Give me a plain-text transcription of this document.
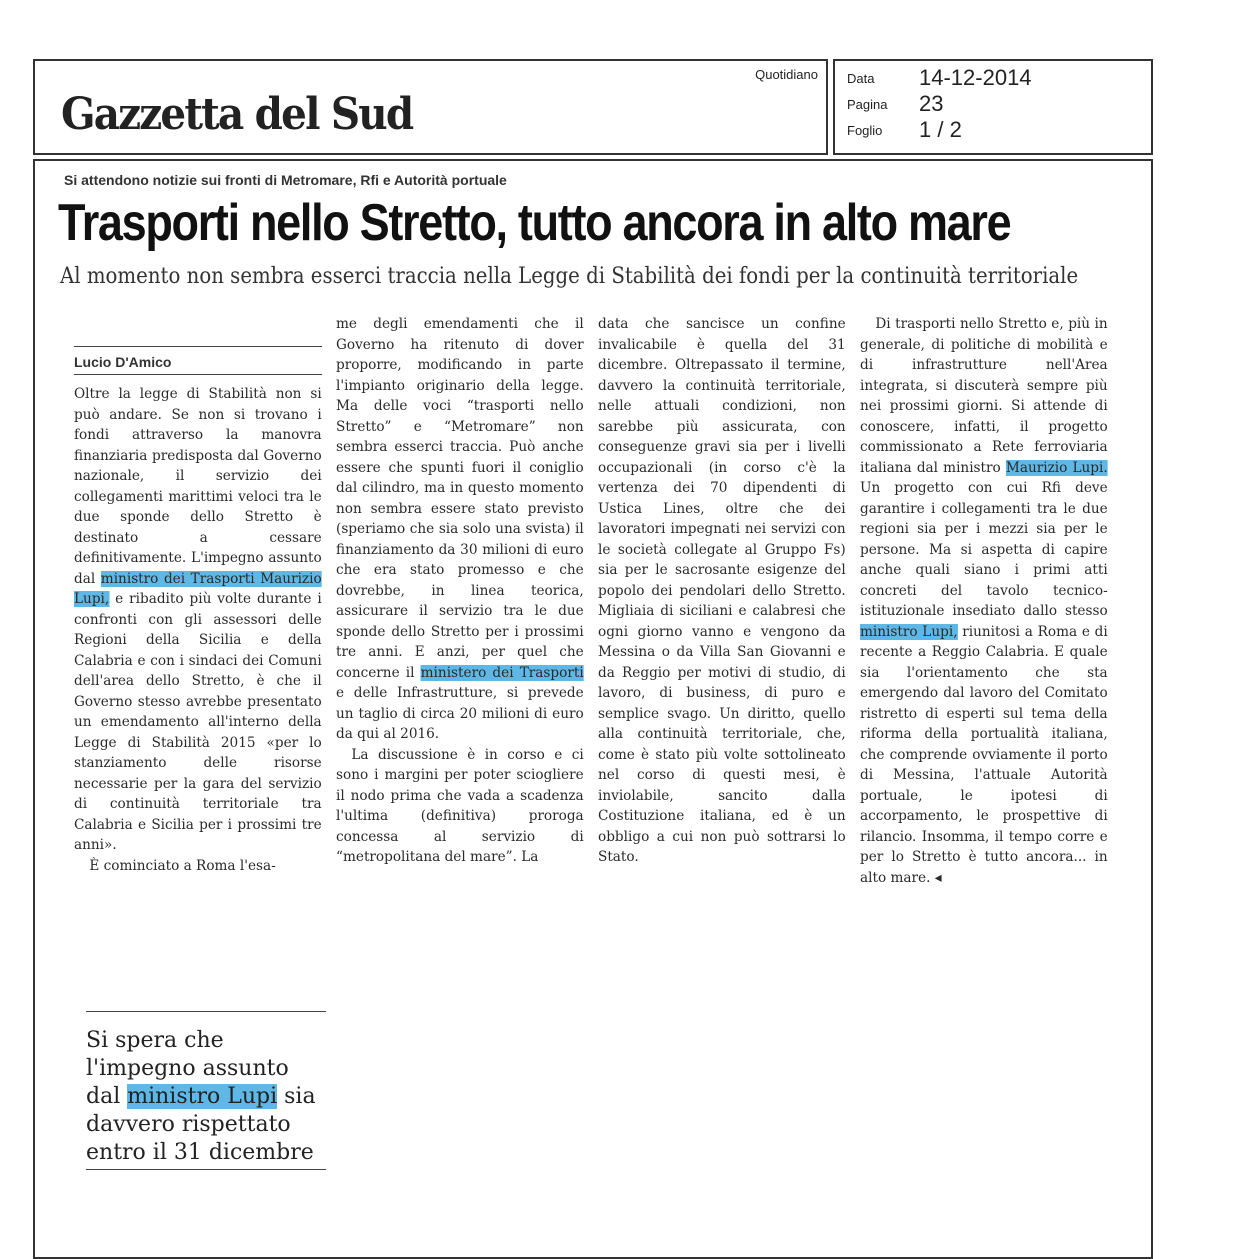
Gazzetta del Sud
Quotidiano Data 14-12-2014
Pagina 23
Foglio 1 / 2
Si attendono notizie sui fronti di Metromare, Rfi e Autorità portuale
Trasporti nello Stretto, tutto ancora in alto mare
Al momento non sembra esserci traccia nella Legge di Stabilità dei fondi per la continuità territoriale
Lucio D'Amico

Oltre la legge di Stabilità non si può andare. Se non si trovano i fondi attraverso la manovra finanziaria predisposta dal Governo nazionale, il servizio dei collegamenti marittimi veloci tra le due sponde dello Stretto è destinato a cessare definitivamente. L'impegno assunto dal ministro dei Trasporti Maurizio Lupi, e ribadito più volte durante i confronti con gli assessori delle Regioni della Sicilia e della Calabria e con i sindaci dei Comuni dell'area dello Stretto, è che il Governo stesso avrebbe presentato un emendamento all'interno della Legge di Stabilità 2015 «per lo stanziamento delle risorse necessarie per la gara del servizio di continuità territoriale tra Calabria e Sicilia per i prossimi tre anni».

È cominciato a Roma l'esa-

me degli emendamenti che il Governo ha ritenuto di dover proporre, modificando in parte l'impianto originario della legge. Ma delle voci “trasporti nello Stretto” e “Metromare” non sembra esserci traccia. Può anche essere che spunti fuori il coniglio dal cilindro, ma in questo momento non sembra essere stato previsto (speriamo che sia solo una svista) il finanziamento da 30 milioni di euro che era stato promesso e che dovrebbe, in linea teorica, assicurare il servizio tra le due sponde dello Stretto per i prossimi tre anni. E anzi, per quel che concerne il ministero dei Trasporti e delle Infrastrutture, si prevede un taglio di circa 20 milioni di euro da qui al 2016.

La discussione è in corso e ci sono i margini per poter sciogliere il nodo prima che vada a scadenza l'ultima (definitiva) proroga concessa al servizio di “metropolitana del mare”. La

data che sancisce un confine invalicabile è quella del 31 dicembre. Oltrepassato il termine, davvero la continuità territoriale, nelle attuali condizioni, non sarebbe più assicurata, con conseguenze gravi sia per i livelli occupazionali (in corso c'è la vertenza dei 70 dipendenti di Ustica Lines, oltre che dei lavoratori impegnati nei servizi con le società collegate al Gruppo Fs) sia per le sacrosante esigenze del popolo dei pendolari dello Stretto. Migliaia di siciliani e calabresi che ogni giorno vanno e vengono da Messina o da Villa San Giovanni e da Reggio per motivi di studio, di lavoro, di business, di puro e semplice svago. Un diritto, quello alla continuità territoriale, che, come è stato più volte sottolineato nel corso di questi mesi, è inviolabile, sancito dalla Costituzione italiana, ed è un obbligo a cui non può sottrarsi lo Stato.

Di trasporti nello Stretto e, più in generale, di politiche di mobilità e di infrastrutture nell'Area integrata, si discuterà sempre più nei prossimi giorni. Si attende di conoscere, infatti, il progetto commissionato a Rete ferroviaria italiana dal ministro Maurizio Lupi. Un progetto con cui Rfi deve garantire i collegamenti tra le due regioni sia per i mezzi sia per le persone. Ma si aspetta di capire anche quali siano i primi atti concreti del tavolo tecnico-istituzionale insediato dallo stesso ministro Lupi, riunitosi a Roma e di recente a Reggio Calabria. E quale sia l'orientamento che sta emergendo dal lavoro del Comitato ristretto di esperti sul tema della riforma della portualità italiana, che comprende ovviamente il porto di Messina, l'attuale Autorità portuale, le ipotesi di accorpamento, le prospettive di rilancio. Insomma, il tempo corre e per lo Stretto è tutto ancora... in alto mare. ◂

Si spera che

l'impegno assunto

dal ministro Lupi sia

davvero rispettato

entro il 31 dicembre
